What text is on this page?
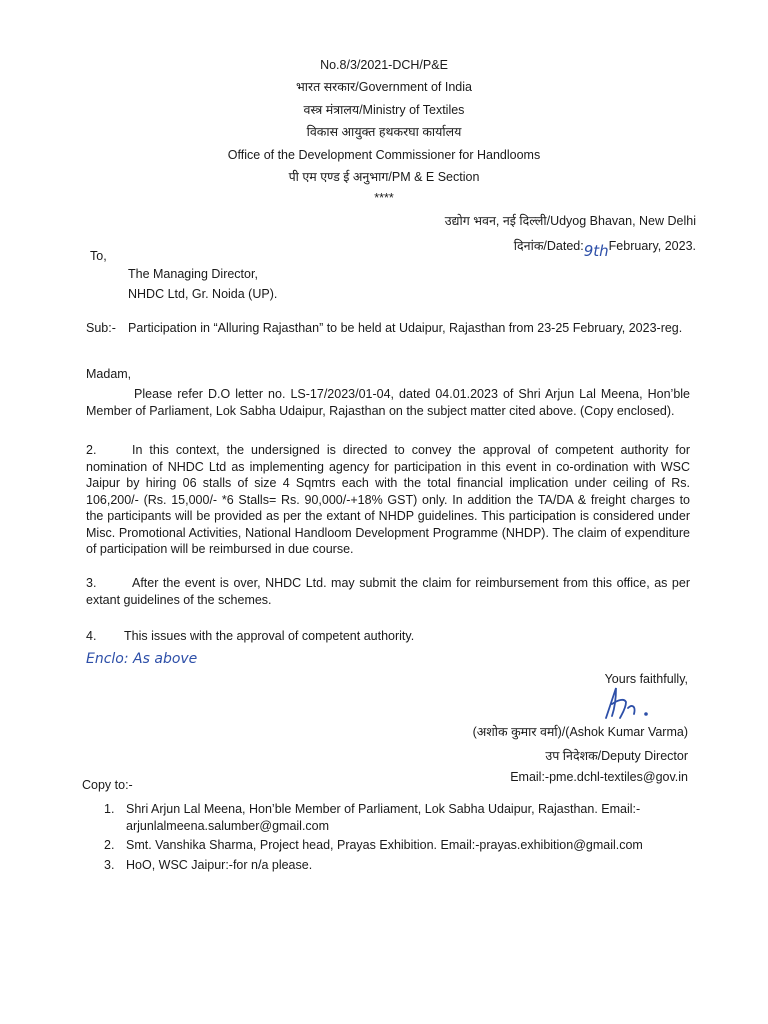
No.8/3/2021-DCH/P&E
भारत सरकार/Government of India
वस्त्र मंत्रालय/Ministry of Textiles
विकास आयुक्त हथकरघा कार्यालय
Office of the Development Commissioner for Handlooms
पी एम एण्ड ई अनुभाग/PM & E Section
****
उद्योग भवन, नई दिल्ली/Udyog Bhavan, New Delhi
दिनांक/Dated:9thFebruary, 2023.
To,
The Managing Director,
NHDC Ltd, Gr. Noida (UP).
Sub:- Participation in “Alluring Rajasthan” to be held at Udaipur, Rajasthan from 23-25 February, 2023-reg.
Madam,
Please refer D.O letter no. LS-17/2023/01-04, dated 04.01.2023 of Shri Arjun Lal Meena, Hon’ble Member of Parliament, Lok Sabha Udaipur, Rajasthan on the subject matter cited above. (Copy enclosed).
2.	In this context, the undersigned is directed to convey the approval of competent authority for nomination of NHDC Ltd as implementing agency for participation in this event in co-ordination with WSC Jaipur by hiring 06 stalls of size 4 Sqmtrs each with the total financial implication under ceiling of Rs. 106,200/- (Rs. 15,000/- *6 Stalls= Rs. 90,000/-+18% GST) only. In addition the TA/DA & freight charges to the participants will be provided as per the extant of NHDP guidelines. This participation is considered under Misc. Promotional Activities, National Handloom Development Programme (NHDP). The claim of expenditure of participation will be reimbursed in due course.
3.	After the event is over, NHDC Ltd. may submit the claim for reimbursement from this office, as per extant guidelines of the schemes.
4. This issues with the approval of competent authority.
Enclo: As above
Yours faithfully,
(अशोक कुमार वर्मा)/(Ashok Kumar Varma)
उप निदेशक/Deputy Director
Email:-pme.dchl-textiles@gov.in
Copy to:-
1. Shri Arjun Lal Meena, Hon’ble Member of Parliament, Lok Sabha Udaipur, Rajasthan. Email:-arjunlalmeena.salumber@gmail.com
2. Smt. Vanshika Sharma, Project head, Prayas Exhibition. Email:-prayas.exhibition@gmail.com
3. HoO, WSC Jaipur:-for n/a please.
